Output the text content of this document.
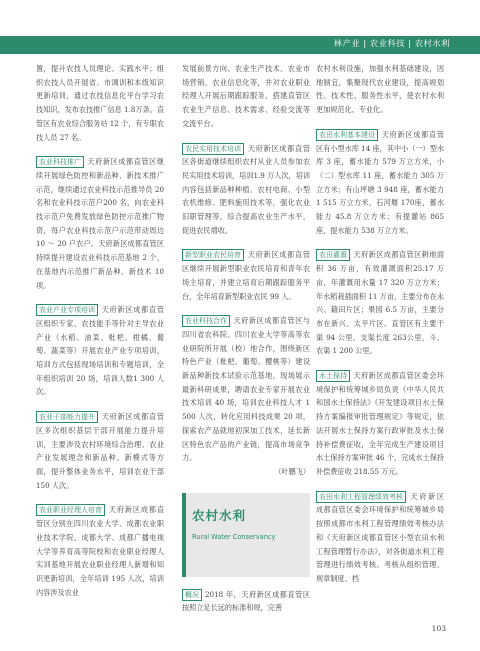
林产业 | 农业科技 | 农村水利

置，提升农技人员理论、实践水平；组织农技人员开展省、市调训和本级知识更新培训，通过农技信息化平台学习农技知识，发布农技推广信息 1.8万条。直管区有农业综合服务站 12 个，有专职农技人员 27 名。

农业科技推广 天府新区成都直管区继续开展绿色防控和新品种、新技术推广示范，继续通过农业科技示范推导员 20 名和农业科技示范户200 名，向农业科技示范户免费发放绿色防控示范推广物资，每户农业科技示范户示范带动周边 10 ～ 20 户农户。天府新区成都直管区持续提升建设农业科技示范基地 2 个，在基地内示范推广新品种、新技术 10 项。

农业产业专项培训 天府新区成都直管区组织专家、农技能手等针对主导农业产业（水稻、油菜、枇杷、柑橘、葡萄、蔬菜等）开展农业产业专项培训，培训方式包括现场培训和专题培训，全年组织培训 20 场，培训人数1 300 人次。

农业干部能力提升 天府新区成都直管区多次组织基层干部开展能力提升培训，主要涉及农村环境综合治理、农业产业发展理念和新品种、新模式等方面，提升整体业务水平，培训农业干部 150 人次。

农业职业经理人培育 天府新区成都直管区分别在四川农业大学、成都农业职业技术学院、成都大学、成都广播电视大学等养育高等院校和农业职业经理人实训基地开展农业职业经理人新增和知识更新培训，全年培训 195 人次，培训内容涉及农业

发展前景方向、农业生产技术、农业市场营销、农业信息化等，并对农业职业经理人开展后期跟踪服务，搭建直管区农业生产信息、技术需求、经验交流等交流平台。

农民实用技术培训 天府新区成都直管区各街道继续组织农村从业人员参加农民实用技术培训，培训1.9 万人次，培训内容包括新品种种植、农村电商、小型农机维修、肥料施用技术等，强化农业旧职管理等，综合提高农业生产水平，促进农民增收。

新型职业农民培育 天府新区成都直管区继续开展新型职业农民培育和青年农场主培育，并建立培育后期跟踪服务平台，全年培育新型职业农民 99 人。

农业科技合作 天府新区成都直管区与四川省农科院、四川农业大学等高等农业研院所开展（校）地合作，围绕新区特色产业（枇杷、葡萄、樱桃等）建设新品种新技术试验示范基地，现场展示最新科研成果，聘请农业专家开展农业技术培训 40 场，培训农业科技人才 1 500 人次，转化应用科技成果 20 项，探索农产品就地初深加工技术，延长新区特色农产品的产业链，提高市场竞争力。

（叶鹏飞）

农村水利
Rural Water Conservancy

概况 2018 年，天府新区成都直管区按照立足长远的标准和规，完善

农村水利设施，加强水利基础建设，因地制宜，集聚现代农业建设，提高规划性、技术性、服务性水平，使农村水利更加规范化、专业化。

农田水利基本建设 天府新区成都直管区有小型水库 14 座，其中小（一）型水库 3 座，蓄水能力 579 万立方米，小（二）型水库 11 座，蓄水能力 305 万立方米；有山坪塘 3 948 座，蓄水能力 1 515 万立方米，石河堰 170座，蓄水能力 45.8 万立方米；有提灌站 865 座，提水能力 538 万立方米。

农田灌溉 天府新区成都直管区耕地面积 36 万亩，有效灌溉面积25.17 万亩，年灌溉用水量 17 320 万立方米；年水稻栽插面积 11 万亩，主要分布在永兴、籍田片区；果园 6.5 万亩，主要分布在新兴、太平片区。直管区有主要干渠 94 公里，支渠长度 263公里，斗、农渠 1 200 公里。

水土保持 天府新区成都直管区委会环境保护和统筹城乡局负责《中华人民共和国水土保持法》《开发建设项目水土保持方案编报审批管理规定》等规定，依法开展水土保持方案行政审批及水土保持补偿费征收，全年完成生产建设项目水土保持方案审批 46 个，完成水土保持补偿费征收 218.55 万元。

农田水利工程管理绩效考核 天府新区成都直管区委会环境保护和统筹城乡局按照成都市水利工程管理绩效考核办法和《天府新区成都直管区小型农田水利工程管理暂行办法》，对各街道水利工程管理进行绩效考核。考核从组织管理、规章制度、档

103
